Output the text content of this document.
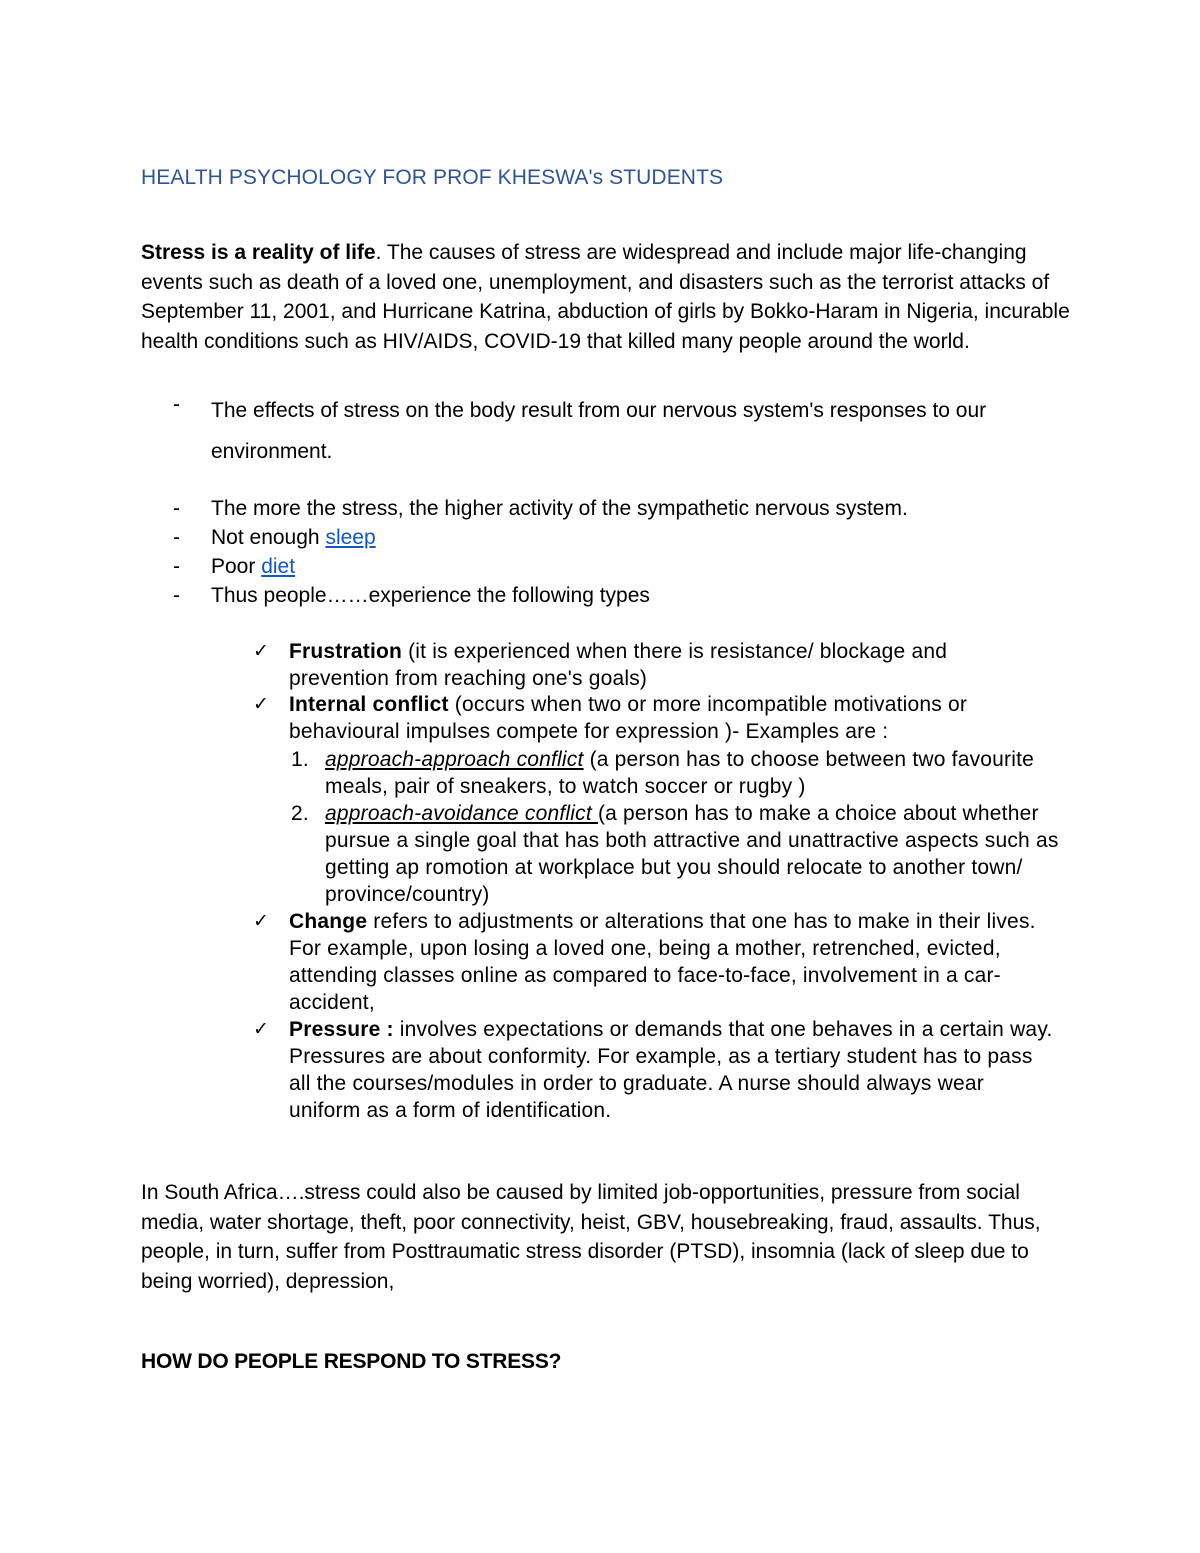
HEALTH PSYCHOLOGY FOR PROF KHESWA's STUDENTS
Stress is a reality of life. The causes of stress are widespread and include major life-changing events such as death of a loved one, unemployment, and disasters such as the terrorist attacks of September 11, 2001, and Hurricane Katrina, abduction of girls by Bokko-Haram in Nigeria, incurable health conditions such as HIV/AIDS, COVID-19 that killed many people around the world.
- The effects of stress on the body result from our nervous system's responses to our environment.
- The more the stress, the higher activity of the sympathetic nervous system.
- Not enough sleep
- Poor diet
- Thus people……experience the following types
✓ Frustration (it is experienced when there is resistance/ blockage and prevention from reaching one's goals)
✓ Internal conflict (occurs when two or more incompatible motivations or behavioural impulses compete for expression )- Examples are :
1. approach-approach conflict (a person has to choose between two favourite meals, pair of sneakers, to watch soccer or rugby )
2. approach-avoidance conflict (a person has to make a choice about whether pursue a single goal that has both attractive and unattractive aspects such as getting ap romotion at workplace but you should relocate to another town/ province/country)
✓ Change refers to adjustments or alterations that one has to make in their lives. For example, upon losing a loved one, being a mother, retrenched, evicted, attending classes online as compared to face-to-face, involvement in a car-accident,
✓ Pressure : involves expectations or demands that one behaves in a certain way. Pressures are about conformity. For example, as a tertiary student has to pass all the courses/modules in order to graduate. A nurse should always wear uniform as a form of identification.
In South Africa….stress could also be caused by limited job-opportunities, pressure from social media, water shortage, theft, poor connectivity, heist, GBV, housebreaking, fraud, assaults. Thus, people, in turn, suffer from Posttraumatic stress disorder (PTSD), insomnia (lack of sleep due to being worried), depression,
HOW DO PEOPLE RESPOND TO STRESS?
